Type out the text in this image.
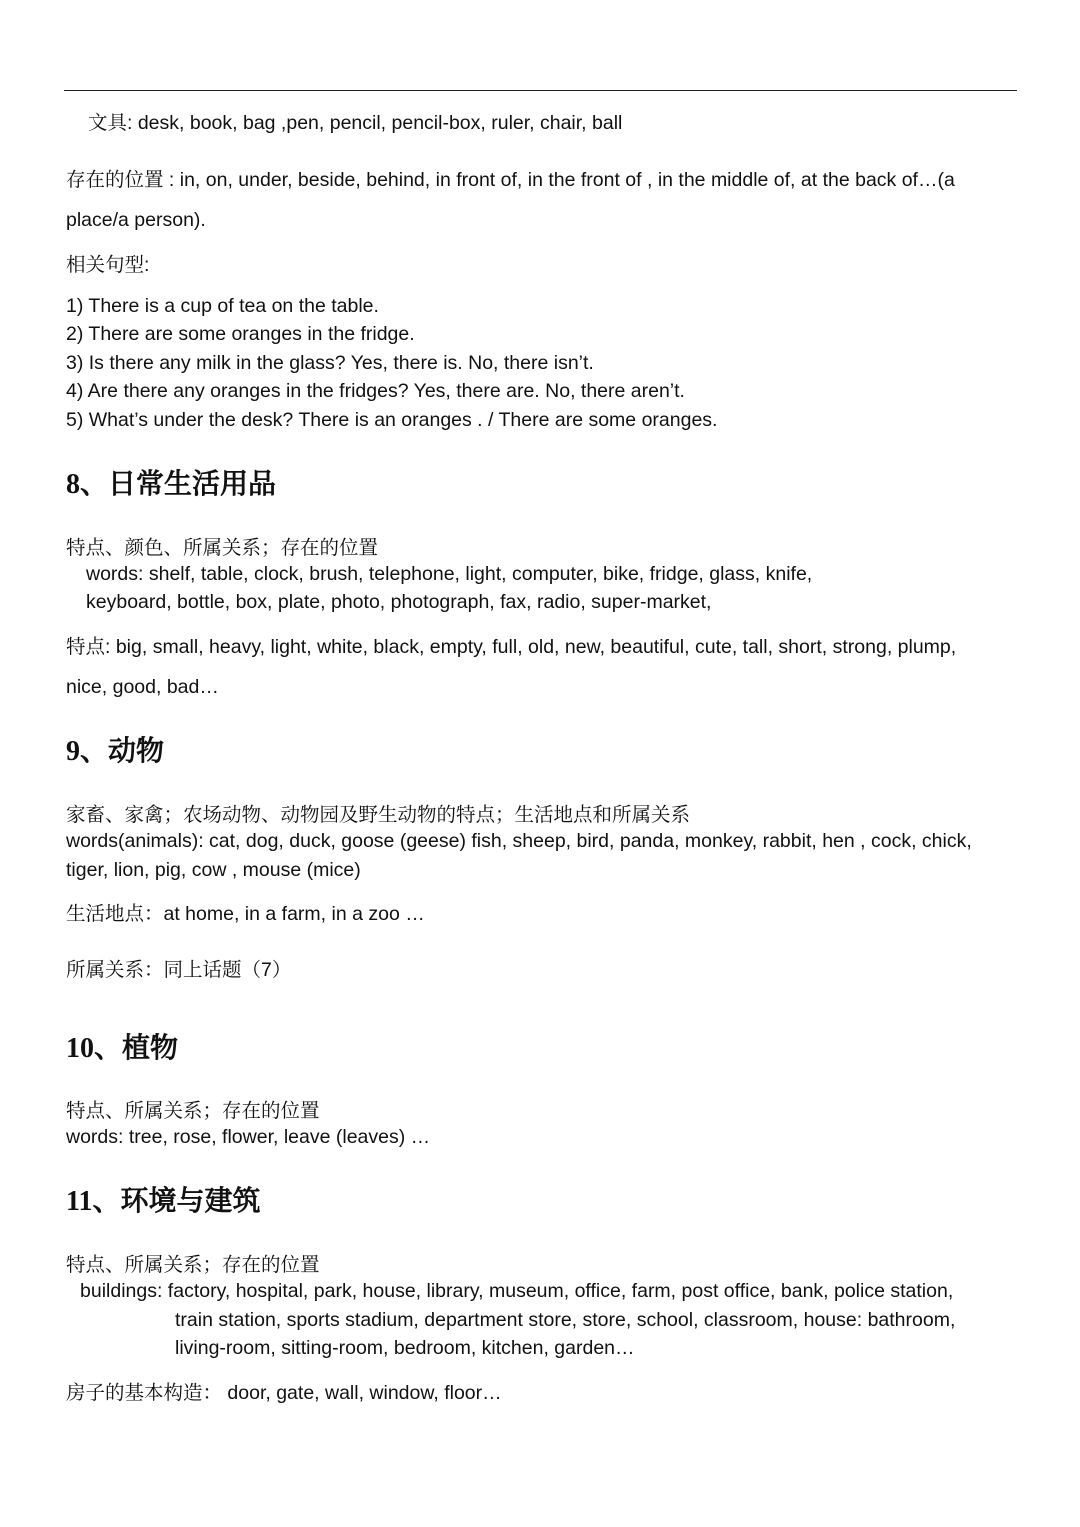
文具: desk, book, bag ,pen, pencil, pencil-box, ruler, chair, ball
存在的位置 : in, on, under, beside, behind, in front of, in the front of , in the middle of, at the back of…(a
place/a person).
相关句型:
1) There is a cup of tea on the table.
2) There are some oranges in the fridge.
3) Is there any milk in the glass? Yes, there is. No, there isn’t.
4) Are there any oranges in the fridges? Yes, there are. No, there aren’t.
5) What’s under the desk? There is an oranges . / There are some oranges.
8、日常生活用品
特点、颜色、所属关系；存在的位置
words: shelf, table, clock, brush, telephone, light, computer, bike, fridge, glass, knife,
keyboard, bottle, box, plate, photo, photograph, fax, radio, super-market,
特点: big, small, heavy, light, white, black, empty, full, old, new, beautiful, cute, tall, short, strong, plump,
nice, good, bad…
9、动物
家畜、家禽；农场动物、动物园及野生动物的特点；生活地点和所属关系
words(animals): cat, dog, duck, goose (geese) fish, sheep, bird, panda, monkey, rabbit, hen , cock, chick,
tiger, lion, pig, cow , mouse (mice)
生活地点：at home, in a farm, in a zoo …
所属关系：同上话题（7）
10、植物
特点、所属关系；存在的位置
words: tree, rose, flower, leave (leaves) …
11、环境与建筑
特点、所属关系；存在的位置
buildings: factory, hospital, park, house, library, museum, office, farm, post office, bank, police station,
train station, sports stadium, department store, store, school, classroom, house: bathroom,
living-room, sitting-room, bedroom, kitchen, garden…
房子的基本构造： door, gate, wall, window, floor…
